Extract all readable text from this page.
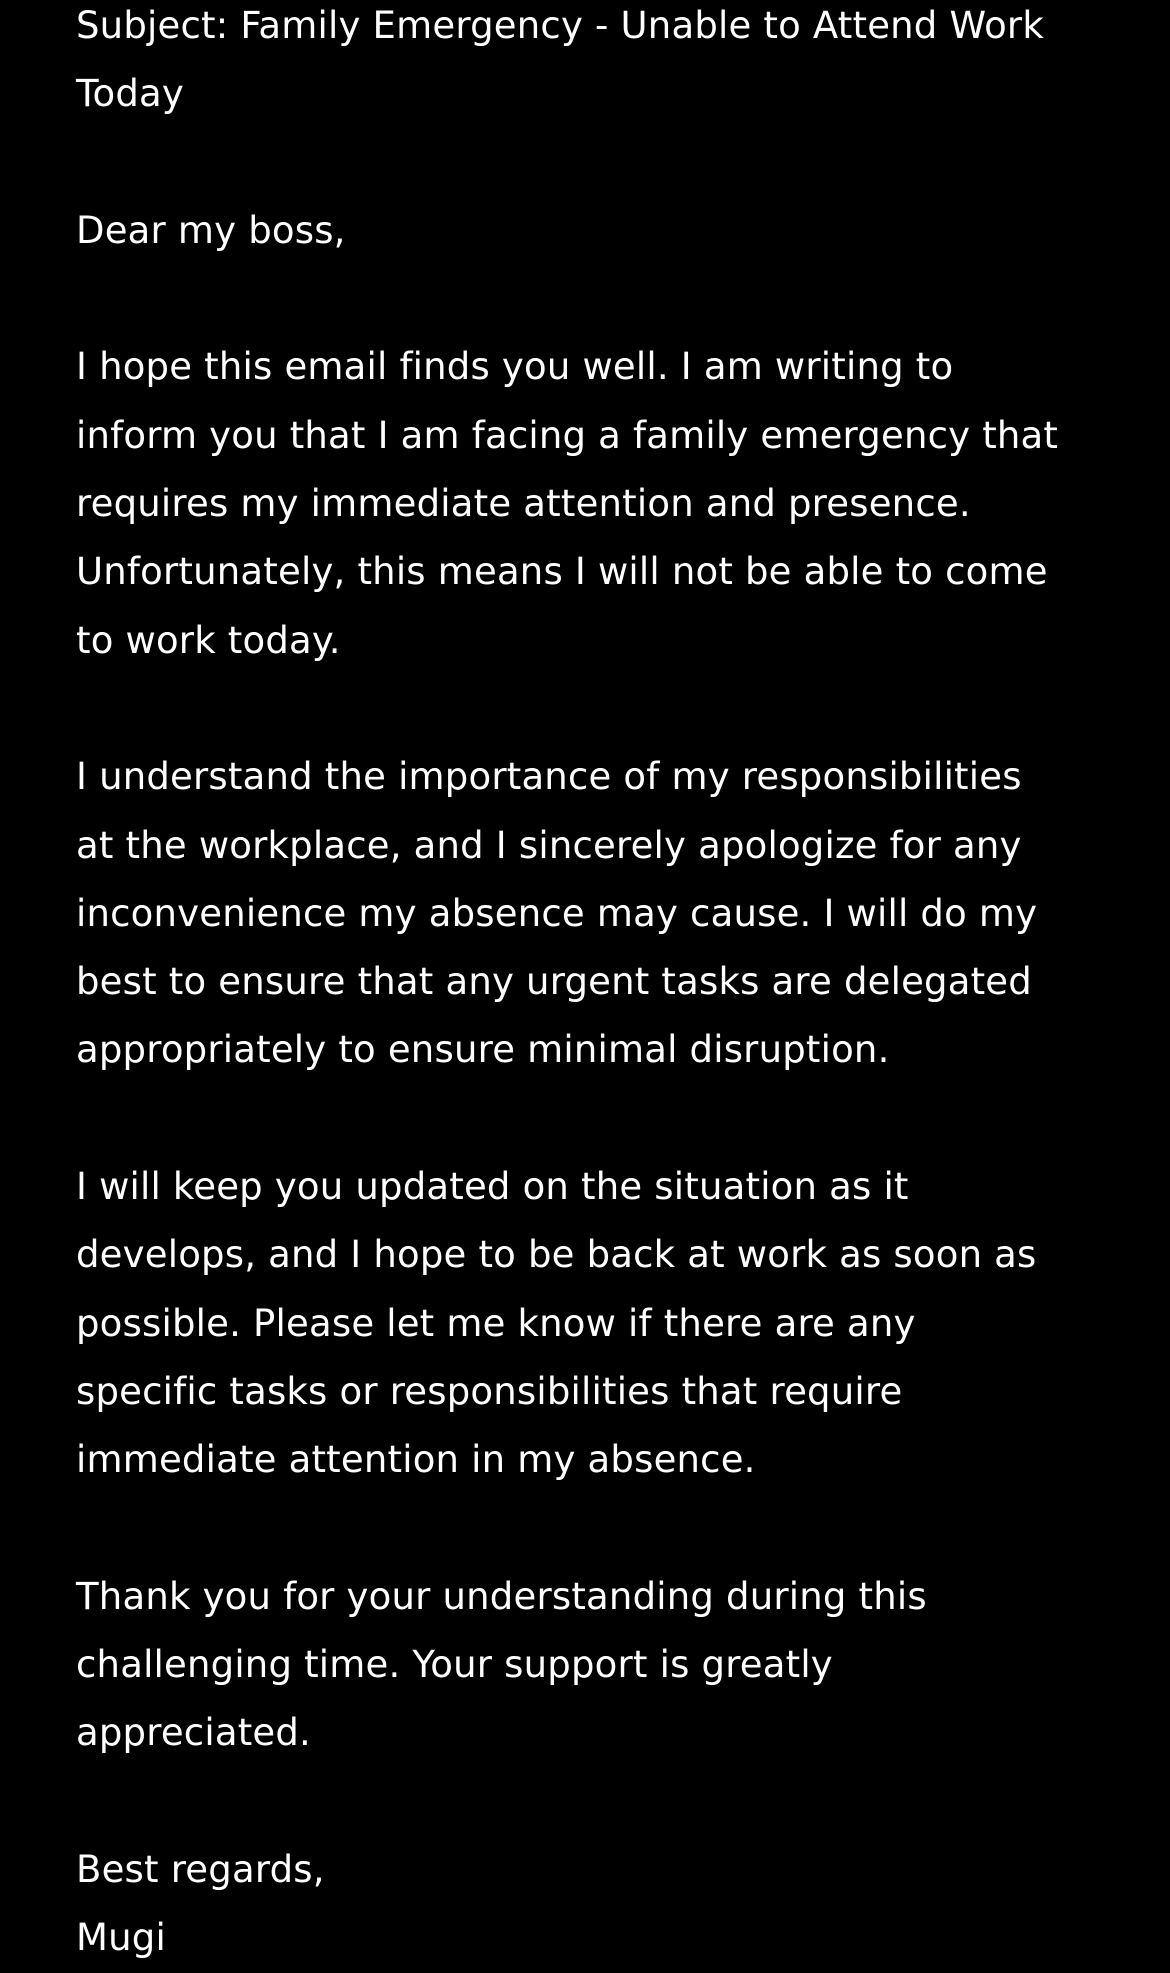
Subject: Family Emergency - Unable to Attend Work

Today

Dear my boss,

I hope this email finds you well. I am writing to

inform you that I am facing a family emergency that

requires my immediate attention and presence.

Unfortunately, this means I will not be able to come

to work today.

I understand the importance of my responsibilities

at the workplace, and I sincerely apologize for any

inconvenience my absence may cause. I will do my

best to ensure that any urgent tasks are delegated

appropriately to ensure minimal disruption.

I will keep you updated on the situation as it

develops, and I hope to be back at work as soon as

possible. Please let me know if there are any

specific tasks or responsibilities that require

immediate attention in my absence.

Thank you for your understanding during this

challenging time. Your support is greatly

appreciated.

Best regards,

Mugi
